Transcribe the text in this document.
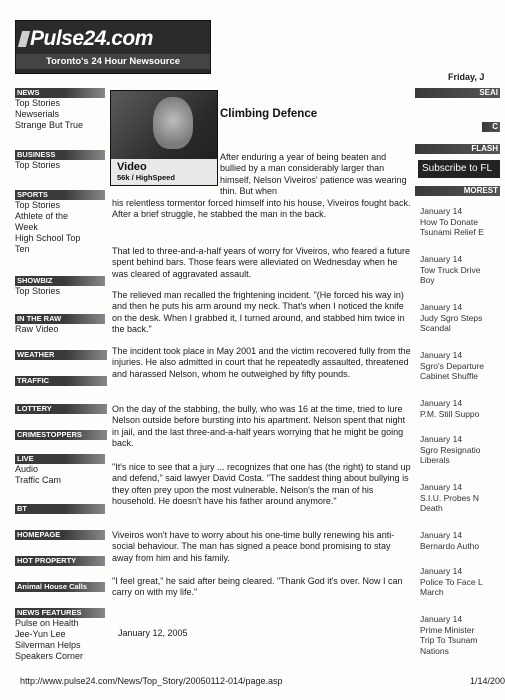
Pulse24.com
Toronto's 24 Hour Newsource
NEWS
Top Stories
Newserials
Strange But True
BUSINESS
Top Stories
SPORTS
Top Stories
Athlete of the
Week
High School Top
Ten
SHOWBIZ
Top Stories
IN THE RAW
Raw Video
WEATHER
TRAFFIC
LOTTERY
CRIMESTOPPERS
LIVE
Audio
Traffic Cam
BT
HOMEPAGE
HOT PROPERTY
Animal House Calls
NEWS FEATURES
Pulse on Health
Jee-Yun Lee
Silverman Helps
Speakers Corner
Video
56k / HighSpeed
Climbing Defence
After enduring a year of being beaten and bullied by a man considerably larger than himself, Nelson Viveiros' patience was wearing thin. But when
his relentless tormentor forced himself into his house, Viveiros fought back. After a brief struggle, he stabbed the man in the back.
That led to three-and-a-half years of worry for Viveiros, who feared a future spent behind bars. Those fears were alleviated on Wednesday when he was cleared of aggravated assault.
The relieved man recalled the frightening incident. "(He forced his way in) and then he puts his arm around my neck. That's when I noticed the knife on the desk. When I grabbed it, I turned around, and stabbed him twice in the back."
The incident took place in May 2001 and the victim recovered fully from the injuries. He also admitted in court that he repeatedly assaulted, threatened and harassed Nelson, whom he outweighed by fifty pounds.
On the day of the stabbing, the bully, who was 16 at the time, tried to lure Nelson outside before bursting into his apartment. Nelson spent that night in jail, and the last three-and-a-half years worrying that he might be going back.
"It's nice to see that a jury ... recognizes that one has (the right) to stand up and defend," said lawyer David Costa. "The saddest thing about bullying is they often prey upon the most vulnerable. Nelson's the man of his household. He doesn't have his father around anymore."
Viveiros won't have to worry about his one-time bully renewing his anti-social behaviour. The man has signed a peace bond promising to stay away from him and his family.
"I feel great," he said after being cleared. "Thank God it's over. Now I can carry on with my life."
January 12, 2005
Friday, J
SEAI
C
FLASH
Subscribe to FL
MOREST
January 14
How To Donate
Tsunami Relief E
January 14
Tow Truck Drive
Boy
January 14
Judy Sgro Steps
Scandal
January 14
Sgro's Departure
Cabinet Shuffle
January 14
P.M. Still Suppo
January 14
Sgro Resignatio
Liberals
January 14
S.I.U. Probes N
Death
January 14
Bernardo Autho
January 14
Police To Face L
March
January 14
Prime Minister
Trip To Tsunam
Nations
http://www.pulse24.com/News/Top_Story/20050112-014/page.asp	1/14/200
